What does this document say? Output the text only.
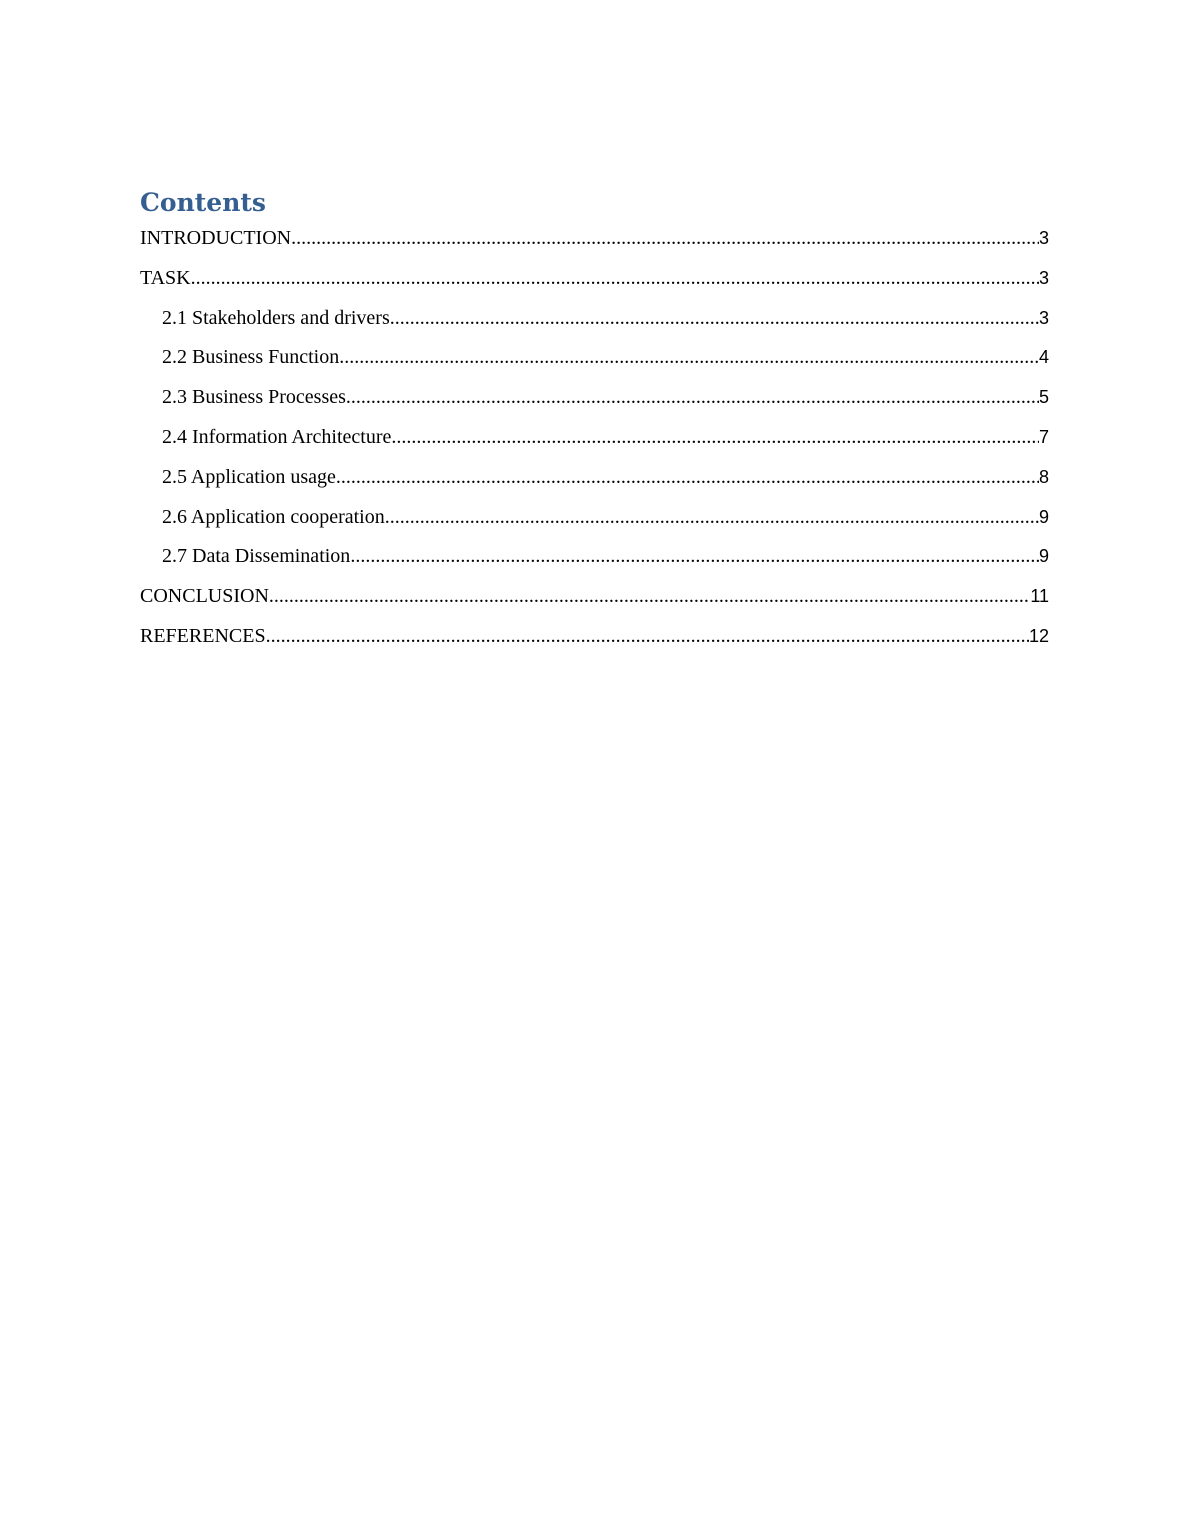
Contents
INTRODUCTION .....	3
TASK .....	3
2.1 Stakeholders and drivers .....	3
2.2 Business Function .....	4
2.3 Business Processes .....	5
2.4 Information Architecture .....	7
2.5 Application usage .....	8
2.6 Application cooperation .....	9
2.7 Data Dissemination .....	9
CONCLUSION .....	11
REFERENCES .....	12
